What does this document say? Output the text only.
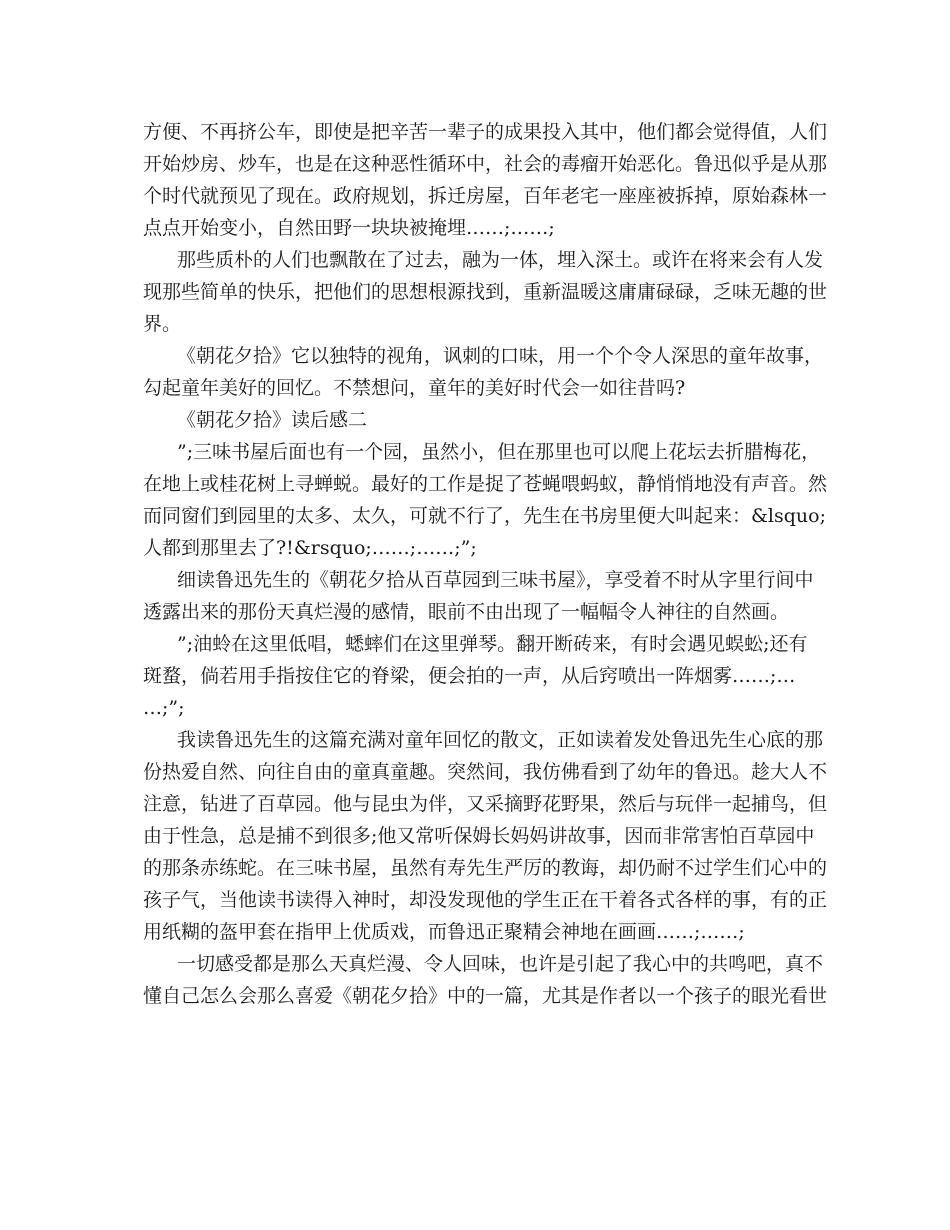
方便、不再挤公车，即使是把辛苦一辈子的成果投入其中，他们都会觉得值，人们
开始炒房、炒车，也是在这种恶性循环中，社会的毒瘤开始恶化。鲁迅似乎是从那
个时代就预见了现在。政府规划，拆迁房屋，百年老宅一座座被拆掉，原始森林一
点点开始变小，自然田野一块块被掩埋……;……;
那些质朴的人们也飘散在了过去，融为一体，埋入深土。或许在将来会有人发
现那些简单的快乐，把他们的思想根源找到，重新温暖这庸庸碌碌，乏味无趣的世
界。
《朝花夕拾》它以独特的视角，讽刺的口味，用一个个令人深思的童年故事，
勾起童年美好的回忆。不禁想问，童年的美好时代会一如往昔吗?
《朝花夕拾》读后感二
”;三味书屋后面也有一个园，虽然小，但在那里也可以爬上花坛去折腊梅花，
在地上或桂花树上寻蝉蜕。最好的工作是捉了苍蝇喂蚂蚁，静悄悄地没有声音。然
而同窗们到园里的太多、太久，可就不行了，先生在书房里便大叫起来：&lsquo;
人都到那里去了?!&rsquo;……;……;”;
细读鲁迅先生的《朝花夕拾从百草园到三味书屋》，享受着不时从字里行间中
透露出来的那份天真烂漫的感情，眼前不由出现了一幅幅令人神往的自然画。
”;油蛉在这里低唱，蟋蟀们在这里弹琴。翻开断砖来，有时会遇见蜈蚣;还有
斑蝥，倘若用手指按住它的脊梁，便会拍的一声，从后窍喷出一阵烟雾……;…
…;”;
我读鲁迅先生的这篇充满对童年回忆的散文，正如读着发处鲁迅先生心底的那
份热爱自然、向往自由的童真童趣。突然间，我仿佛看到了幼年的鲁迅。趁大人不
注意，钻进了百草园。他与昆虫为伴，又采摘野花野果，然后与玩伴一起捕鸟，但
由于性急，总是捕不到很多;他又常听保姆长妈妈讲故事，因而非常害怕百草园中
的那条赤练蛇。在三味书屋，虽然有寿先生严厉的教诲，却仍耐不过学生们心中的
孩子气，当他读书读得入神时，却没发现他的学生正在干着各式各样的事，有的正
用纸糊的盔甲套在指甲上优质戏，而鲁迅正聚精会神地在画画……;……;
一切感受都是那么天真烂漫、令人回味，也许是引起了我心中的共鸣吧，真不
懂自己怎么会那么喜爱《朝花夕拾》中的一篇，尤其是作者以一个孩子的眼光看世
